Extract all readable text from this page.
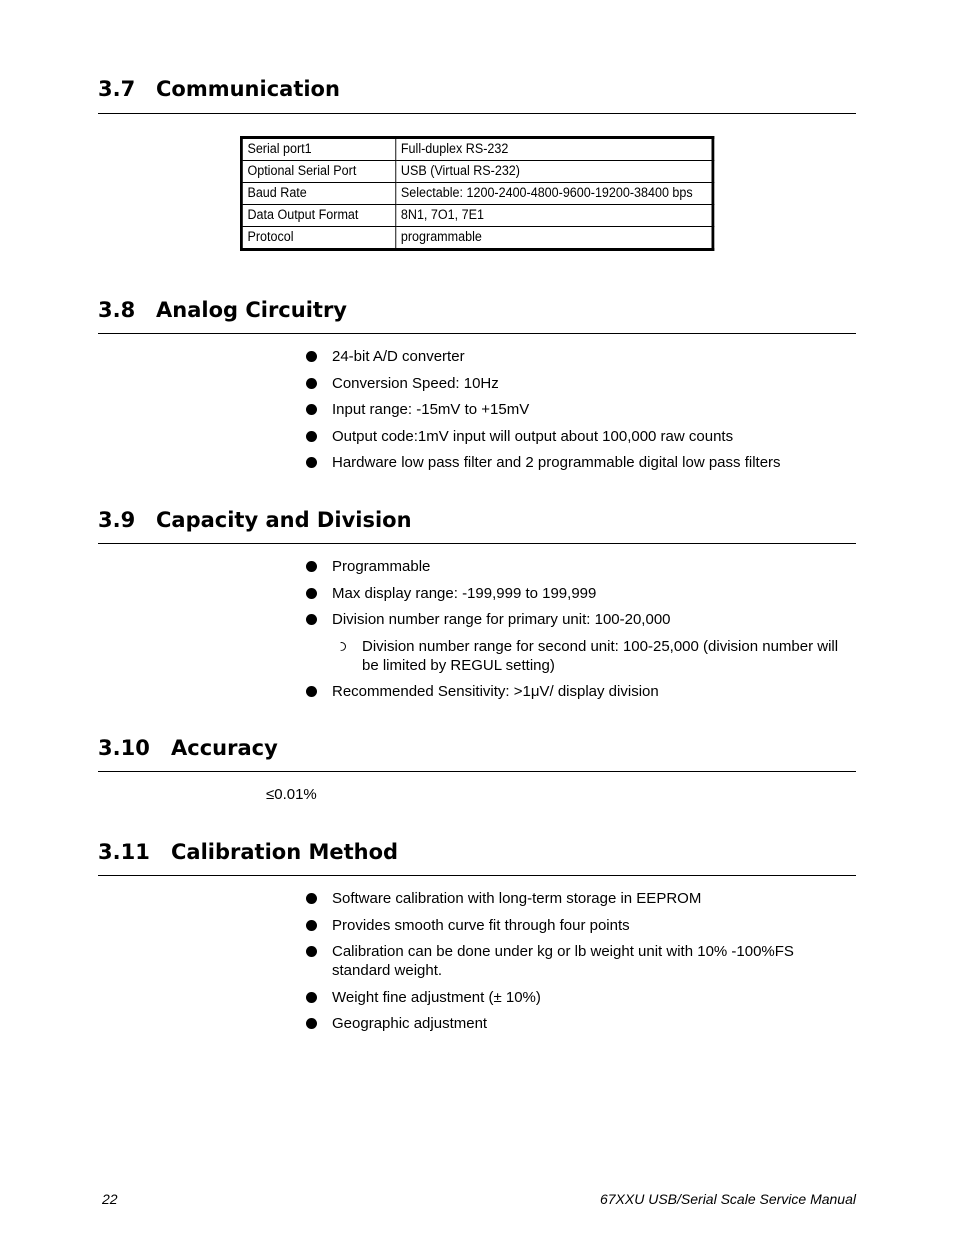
3.7 Communication
Serial port1	Full-duplex RS-232
Optional Serial Port	USB (Virtual RS-232)
Baud Rate	Selectable: 1200-2400-4800-9600-19200-38400 bps
Data Output Format	8N1, 7O1, 7E1
Protocol	programmable
3.8 Analog Circuitry
24-bit A/D converter
Conversion Speed: 10Hz
Input range: -15mV to +15mV
Output code:1mV input will output about 100,000 raw counts
Hardware low pass filter and 2 programmable digital low pass filters
3.9 Capacity and Division
Programmable
Max display range: -199,999 to 199,999
Division number range for primary unit: 100-20,000
Division number range for second unit: 100-25,000 (division number will be limited by REGUL setting)
Recommended Sensitivity: >1μV/ display division
3.10 Accuracy
≤0.01%
3.11 Calibration Method
Software calibration with long-term storage in EEPROM
Provides smooth curve fit through four points
Calibration can be done under kg or lb weight unit with 10% -100%FS standard weight.
Weight fine adjustment (± 10%)
Geographic adjustment
22	67XXU USB/Serial Scale Service Manual
